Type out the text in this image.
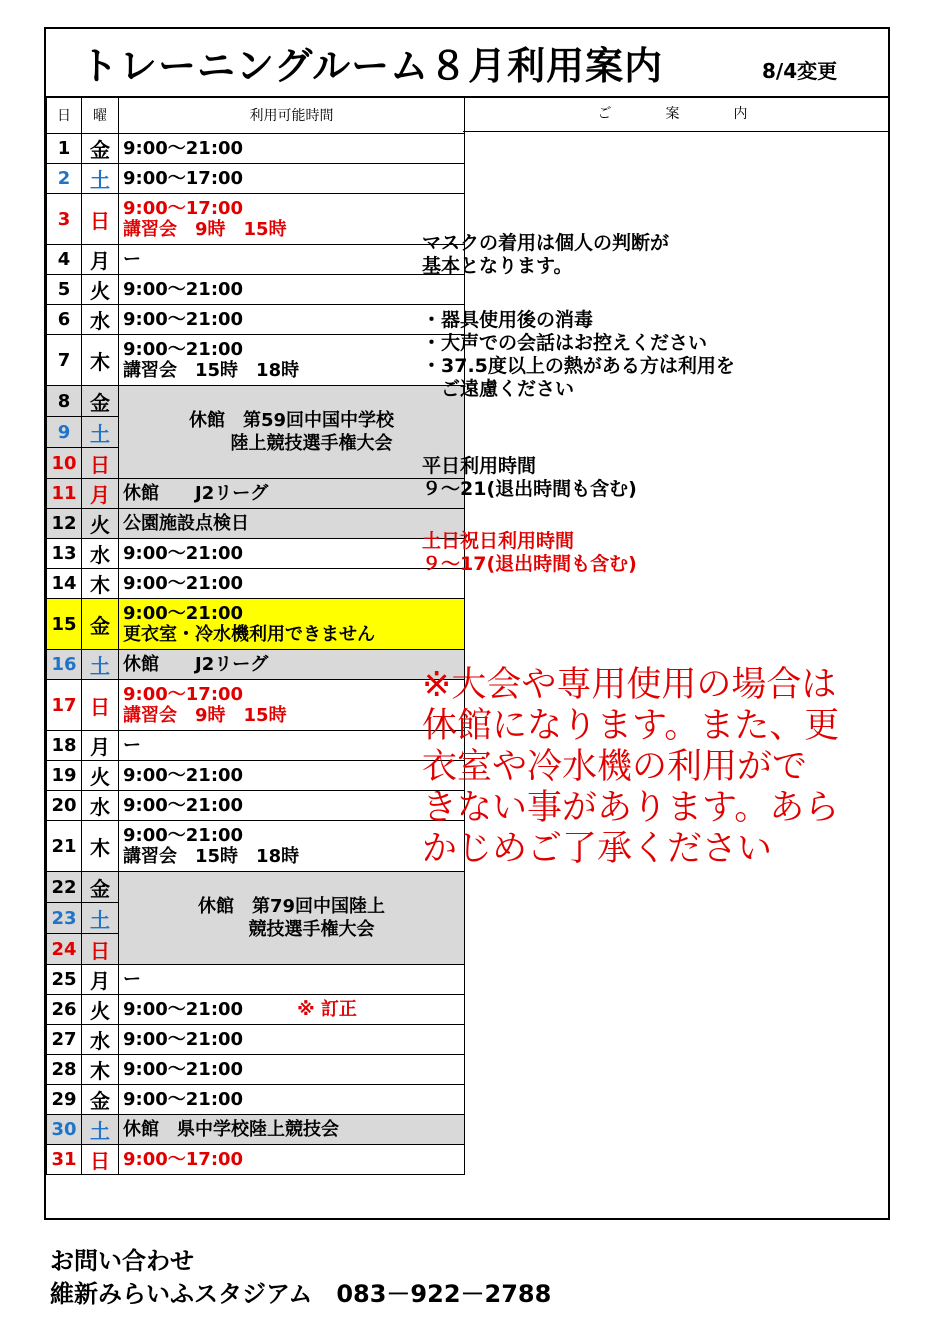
トレーニングルーム８月利用案内	8/4変更
日	曜	利用可能時間
1	金	9:00～21:00

2	土	9:00～17:00

3	日	9:00～17:00
講習会　9時　15時

4	月	ー

5	火	9:00～21:00

6	水	9:00～21:00

7	木	9:00～21:00
講習会　15時　18時

8	金	休館　第59回中国中学校
陸上競技選手権大会

9	土	
10	日	
11	月	休館　　J2リーグ

12	火	公園施設点検日

13	水	9:00～21:00

14	木	9:00～21:00

15	金	9:00～21:00
更衣室・冷水機利用できません

16	土	休館　　J2リーグ

17	日	9:00～17:00
講習会　9時　15時

18	月	ー

19	火	9:00～21:00

20	水	9:00～21:00

21	木	9:00～21:00
講習会　15時　18時

22	金	休館　第79回中国陸上
競技選手権大会

23	土	
24	日	
25	月	ー

26	火	9:00～21:00 ※ 訂正
27	水	9:00～21:00

28	木	9:00～21:00

29	金	9:00～21:00

30	土	休館　県中学校陸上競技会

31	日	9:00～17:00
ご	案	内
マスクの着用は個人の判断が
基本となります。
・器具使用後の消毒
・大声での会話はお控えください
・37.5度以上の熱がある方は利用を
　ご遠慮ください
平日利用時間
９～21(退出時間も含む)
土日祝日利用時間
９～17(退出時間も含む)
※大会や専用使用の場合は休館になります。また、更衣室や冷水機の利用ができない事があります。あらかじめご了承ください
お問い合わせ
維新みらいふスタジアム　083－922－2788
